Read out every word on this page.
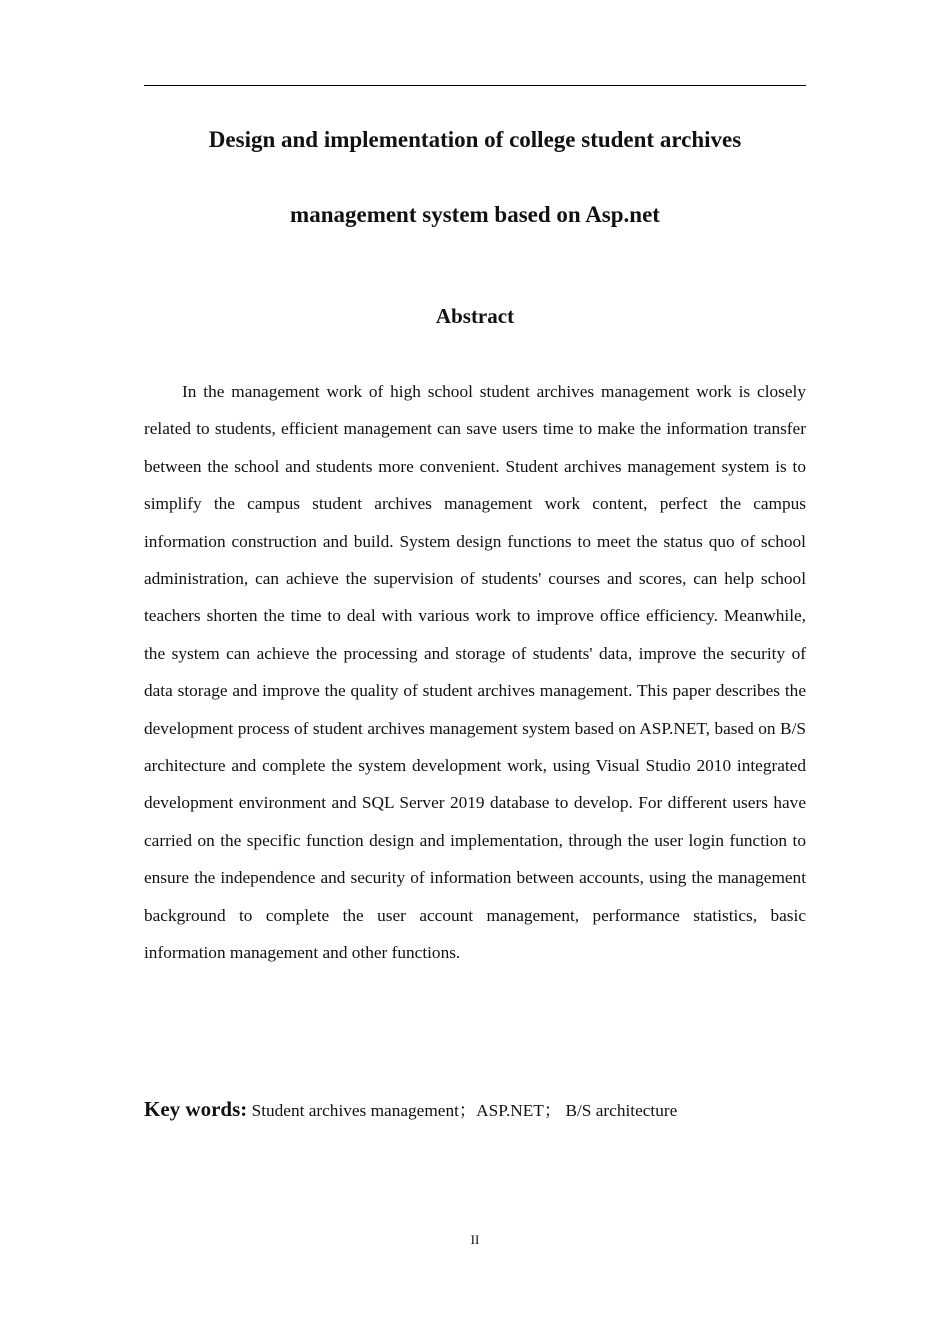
Design and implementation of college student archives
management system based on Asp.net
Abstract

In the management work of high school student archives management work is closely related to students, efficient management can save users time to make the information transfer between the school and students more convenient. Student archives management system is to simplify the campus student archives management work content, perfect the campus information construction and build. System design functions to meet the status quo of school administration, can achieve the supervision of students' courses and scores, can help school teachers shorten the time to deal with various work to improve office efficiency. Meanwhile, the system can achieve the processing and storage of students' data, improve the security of data storage and improve the quality of student archives management. This paper describes the development process of student archives management system based on ASP.NET, based on B/S architecture and complete the system development work, using Visual Studio 2010 integrated development environment and SQL Server 2019 database to develop. For different users have carried on the specific function design and implementation, through the user login function to ensure the independence and security of information between accounts, using the management background to complete the user account management, performance statistics, basic information management and other functions.

Key words: Student archives management；ASP.NET； B/S architecture

II
